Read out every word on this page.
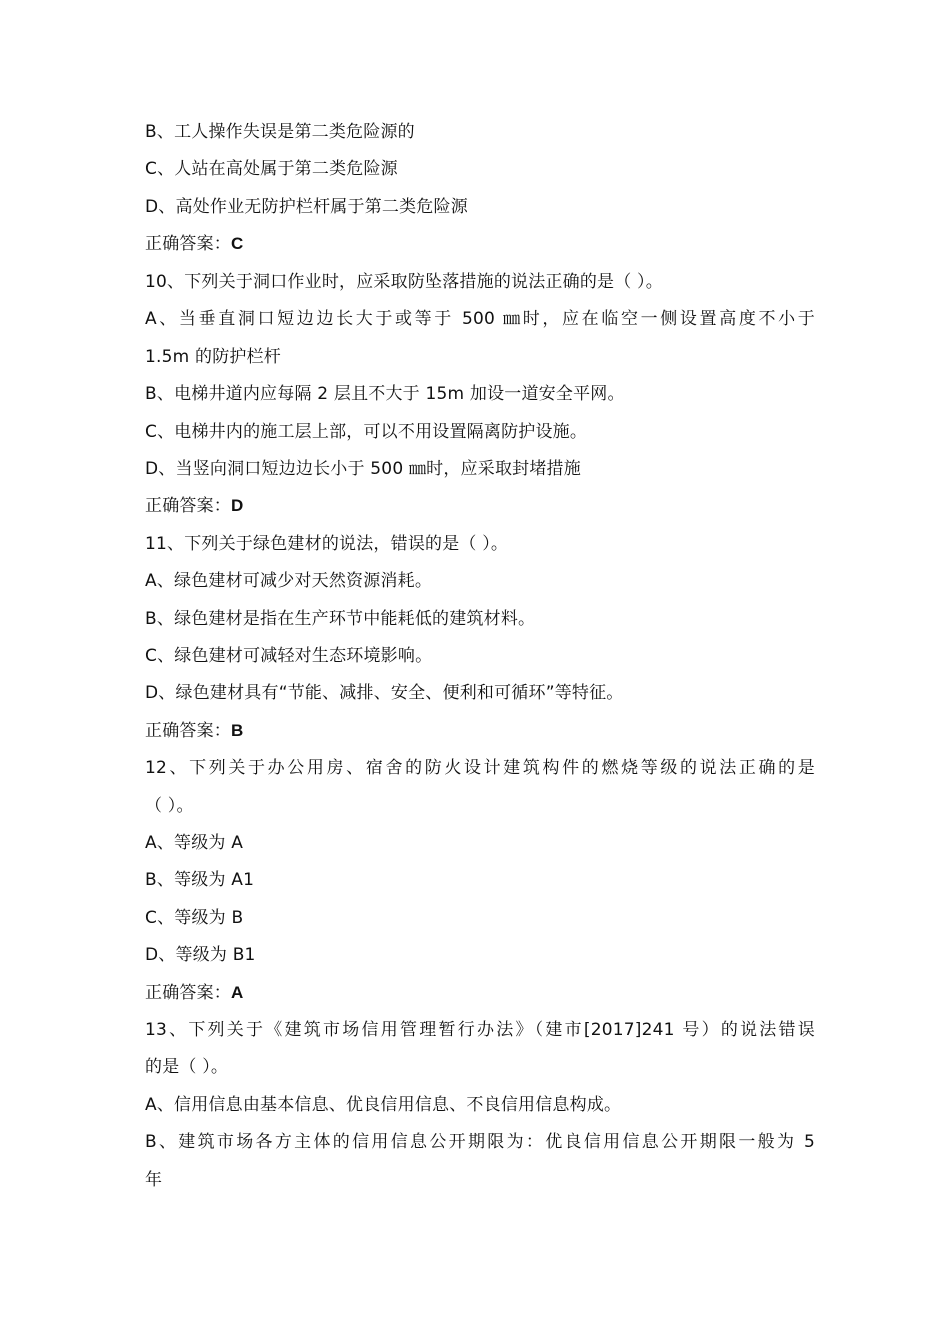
B、工人操作失误是第二类危险源的
C、人站在高处属于第二类危险源
D、高处作业无防护栏杆属于第二类危险源
正确答案：C
10、下列关于洞口作业时，应采取防坠落措施的说法正确的是（ ）。
A、当垂直洞口短边边长大于或等于 500 ㎜时，应在临空一侧设置高度不小于
1.5m 的防护栏杆
B、电梯井道内应每隔 2 层且不大于 15m 加设一道安全平网。
C、电梯井内的施工层上部，可以不用设置隔离防护设施。
D、当竖向洞口短边边长小于 500 ㎜时，应采取封堵措施
正确答案：D
11、下列关于绿色建材的说法，错误的是（ ）。
A、绿色建材可减少对天然资源消耗。
B、绿色建材是指在生产环节中能耗低的建筑材料。
C、绿色建材可减轻对生态环境影响。
D、绿色建材具有“节能、减排、安全、便利和可循环”等特征。
正确答案：B
12、下列关于办公用房、宿舍的防火设计建筑构件的燃烧等级的说法正确的是
（ ）。
A、等级为 A
B、等级为 A1
C、等级为 B
D、等级为 B1
正确答案：A
13、下列关于《建筑市场信用管理暂行办法》（建市[2017]241 号）的说法错误
的是（ ）。
A、信用信息由基本信息、优良信用信息、不良信用信息构成。
B、建筑市场各方主体的信用信息公开期限为：优良信用信息公开期限一般为 5
年
